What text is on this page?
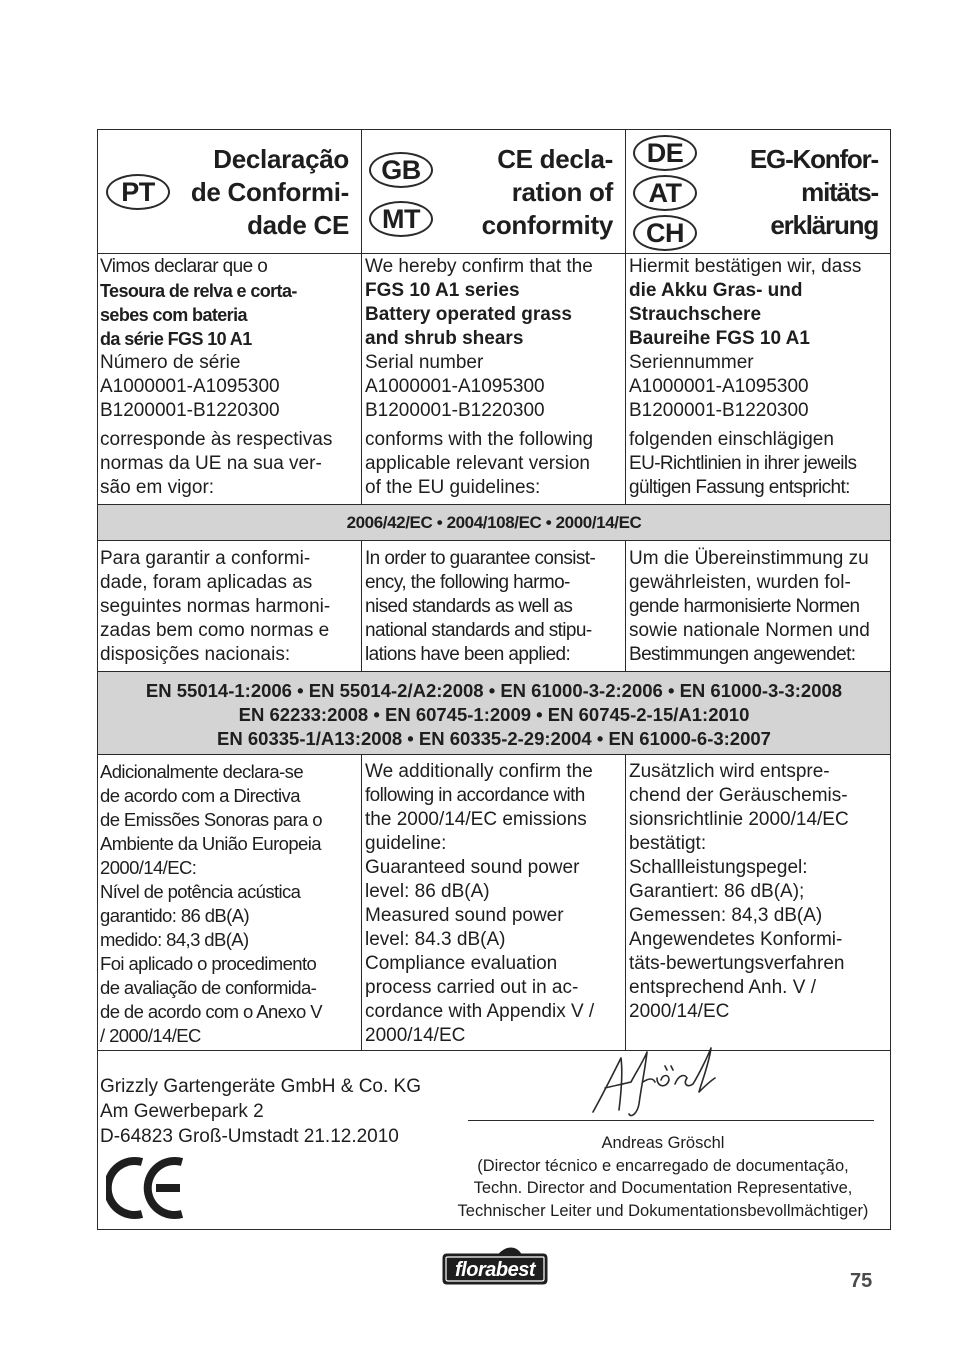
2006/42/EC • 2004/108/EC • 2000/14/EC
EN 55014-1:2006 • EN 55014-2/A2:2008 • EN 61000-3-2:2006 • EN 61000-3-3:2008
EN 62233:2008 • EN 60745-1:2009 • EN 60745-2-15/A1:2010
EN 60335-1/A13:2008 • EN 60335-2-29:2004 • EN 61000-6-3:2007
PT
Declaração
de Conformi-
dade CE
GB
MT
CE decla-
ration of
conformity
DE
AT
CH
EG-Konfor-
mitäts-
erklärung

Vimos declarar que o

Tesoura de relva e corta-

sebes com bateria

da série FGS 10 A1

Número de série

A1000001-A1095300

B1200001-B1220300

corresponde às respectivas

normas da UE na sua ver-

são em vigor:

We hereby confirm that the

FGS 10 A1 series

Battery operated grass

and shrub shears

Serial number

A1000001-A1095300

B1200001-B1220300

conforms with the following

applicable relevant version

of the EU guidelines:

Hiermit bestätigen wir, dass

die Akku Gras- und

Strauchschere

Baureihe FGS 10 A1

Seriennummer

A1000001-A1095300

B1200001-B1220300

folgenden einschlägigen

EU-Richtlinien in ihrer jeweils

gültigen Fassung entspricht:

Para garantir a conformi-

dade, foram aplicadas as

seguintes normas harmoni-

zadas bem como normas e

disposições nacionais:

In order to guarantee consist-

ency, the following harmo-

nised standards as well as

national standards and stipu-

lations have been applied:

Um die Übereinstimmung zu

gewährleisten, wurden fol-

gende harmonisierte Normen

sowie nationale Normen und

Bestimmungen angewendet:

Adicionalmente declara-se

de acordo com a Directiva

de Emissões Sonoras para o

Ambiente da União Europeia

2000/14/EC:

Nível de potência acústica

garantido: 86 dB(A)

medido: 84,3 dB(A)

Foi aplicado o procedimento

de avaliação de conformida-

de de acordo com o Anexo V

/ 2000/14/EC

We additionally confirm the

following in accordance with

the 2000/14/EC emissions

guideline:

Guaranteed sound power

level: 86 dB(A)

Measured sound power

level: 84.3 dB(A)

Compliance evaluation

process carried out in ac-

cordance with Appendix V /

2000/14/EC

Zusätzlich wird entspre-

chend der Geräuschemis-

sionsrichtlinie 2000/14/EC

bestätigt:

Schallleistungspegel:

Garantiert: 86 dB(A);

Gemessen: 84,3 dB(A)

Angewendetes Konformi-

täts-bewertungsverfahren

entsprechend Anh. V /

2000/14/EC

Grizzly Gartengeräte GmbH & Co. KG
Am Gewerbepark 2
D-64823 Groß-Umstadt 21.12.2010	Andreas Gröschl

(Director técnico e encarregado de documentação,

Techn. Director and Documentation Representative,

Technischer Leiter und Dokumentationsbevollmächtiger)

florabest	75
